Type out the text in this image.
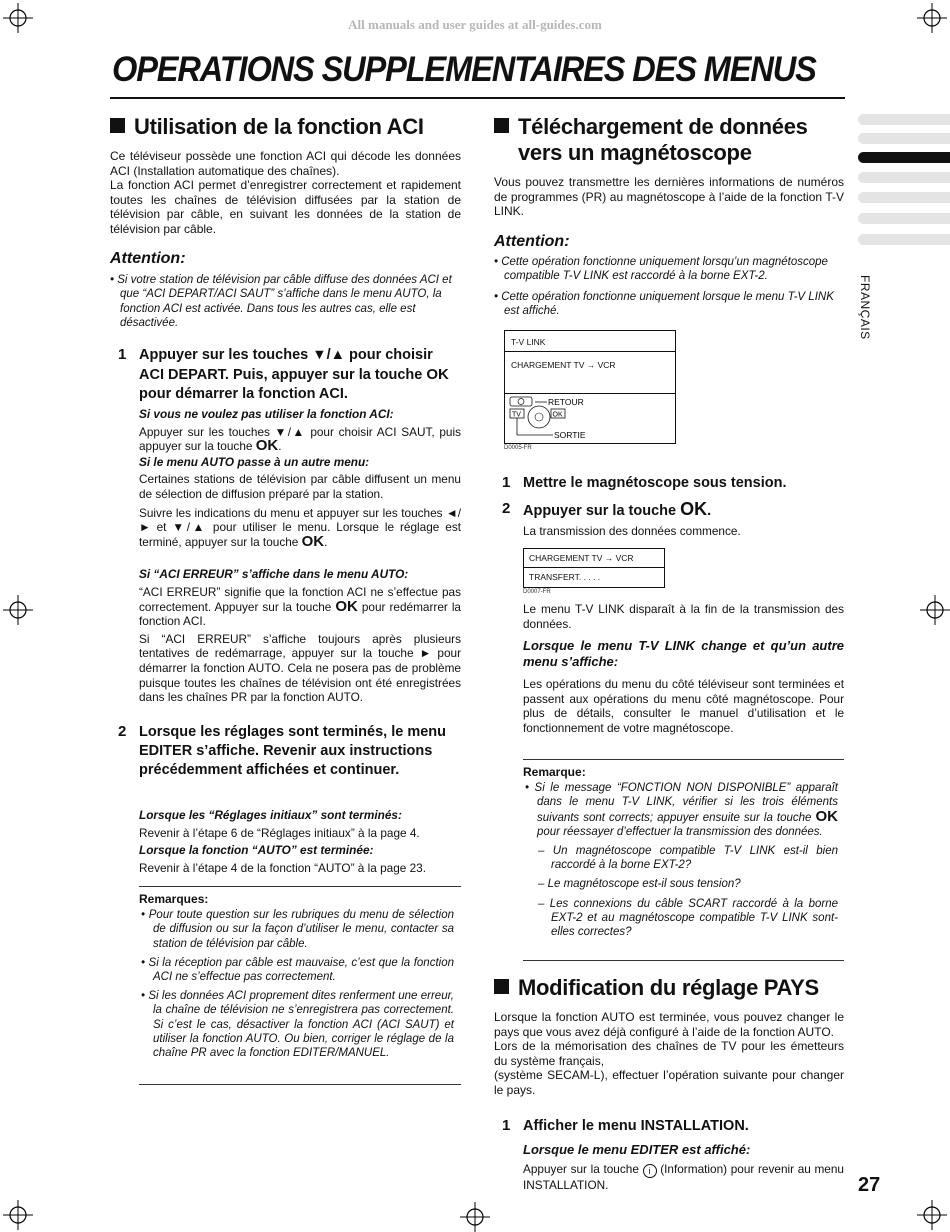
All manuals and user guides at all-guides.com
OPERATIONS SUPPLEMENTAIRES DES MENUS
FRANÇAIS
Utilisation de la fonction ACI

Ce téléviseur possède une fonction ACI qui décode les données ACI (Installation automatique des chaînes).

La fonction ACI permet d’enregistrer correctement et rapidement toutes les chaînes de télévision diffusées par la station de télévision par câble, en suivant les données de la station de télévision par câble.

Attention:

• Si votre station de télévision par câble diffuse des données ACI et que “ACI DEPART/ACI SAUT” s’affiche dans le menu AUTO, la fonction ACI est activée. Dans tous les autres cas, elle est désactivée.

1 Appuyer sur les touches ▼/▲ pour choisir ACI DEPART. Puis, appuyer sur la touche OK pour démarrer la fonction ACI.

Si vous ne voulez pas utiliser la fonction ACI:

Appuyer sur les touches ▼/▲ pour choisir ACI SAUT, puis appuyer sur la touche OK.

Si le menu AUTO passe à un autre menu:

Certaines stations de télévision par câble diffusent un menu de sélection de diffusion préparé par la station.

Suivre les indications du menu et appuyer sur les touches ◄/► et ▼/▲ pour utiliser le menu. Lorsque le réglage est terminé, appuyer sur la touche OK.

Si “ACI ERREUR” s’affiche dans le menu AUTO:

“ACI ERREUR” signifie que la fonction ACI ne s’effectue pas correctement. Appuyer sur la touche OK pour redémarrer la fonction ACI.

Si “ACI ERREUR” s’affiche toujours après plusieurs tentatives de redémarrage, appuyer sur la touche ► pour démarrer la fonction AUTO. Cela ne posera pas de problème puisque toutes les chaînes de télévision ont été enregistrées dans les chaînes PR par la fonction AUTO.

2 Lorsque les réglages sont terminés, le menu EDITER s’affiche. Revenir aux instructions précédemment affichées et continuer.

Lorsque les “Réglages initiaux” sont terminés:

Revenir à l’étape 6 de “Réglages initiaux” à la page 4.

Lorsque la fonction “AUTO” est terminée:

Revenir à l’étape 4 de la fonction “AUTO” à la page 23.

Remarques:

• Pour toute question sur les rubriques du menu de sélection de diffusion ou sur la façon d’utiliser le menu, contacter sa station de télévision par câble.

• Si la réception par câble est mauvaise, c’est que la fonction ACI ne s’effectue pas correctement.

• Si les données ACI proprement dites renferment une erreur, la chaîne de télévision ne s’enregistrera pas correctement. Si c’est le cas, désactiver la fonction ACI (ACI SAUT) et utiliser la fonction AUTO. Ou bien, corriger le réglage de la chaîne PR avec la fonction EDITER/MANUEL.

Téléchargement de données
vers un magnétoscope
Vous pouvez transmettre les dernières informations de numéros de programmes (PR) au magnétoscope à l’aide de la fonction T-V LINK.
Attention:

• Cette opération fonctionne uniquement lorsqu’un magnétoscope compatible T-V LINK est raccordé à la borne EXT-2.

• Cette opération fonctionne uniquement lorsque le menu T-V LINK est affiché.

T-V LINK
CHARGEMENT TV → VCR
RETOUR
TV	OK
SORTIE
D0005-FR
1 Mettre le magnétoscope sous tension.
2 Appuyer sur la touche OK.
La transmission des données commence.
CHARGEMENT TV → VCR
TRANSFERT. . . . .
D0007-FR

Le menu T-V LINK disparaît à la fin de la transmission des données.

Lorsque le menu T-V LINK change et qu’un autre menu s’affiche:

Les opérations du menu du côté téléviseur sont terminées et passent aux opérations du menu côté magnétoscope. Pour plus de détails, consulter le manuel d’utilisation et le fonctionnement de votre magnétoscope.

Remarque:

• Si le message “FONCTION NON DISPONIBLE” apparaît dans le menu T-V LINK, vérifier si les trois éléments suivants sont corrects; appuyer ensuite sur la touche OK pour réessayer d’effectuer la transmission des données.

– Un magnétoscope compatible T-V LINK est-il bien raccordé à la borne EXT-2?

– Le magnétoscope est-il sous tension?

– Les connexions du câble SCART raccordé à la borne EXT-2 et au magnétoscope compatible T-V LINK sont-elles correctes?

Modification du réglage PAYS

Lorsque la fonction AUTO est terminée, vous pouvez changer le pays que vous avez déjà configuré à l’aide de la fonction AUTO.

Lors de la mémorisation des chaînes de TV pour les émetteurs du système français,

(système SECAM-L), effectuer l’opération suivante pour changer le pays.

1 Afficher le menu INSTALLATION.

Lorsque le menu EDITER est affiché:

Appuyer sur la touche i (Information) pour revenir au menu INSTALLATION.	27
